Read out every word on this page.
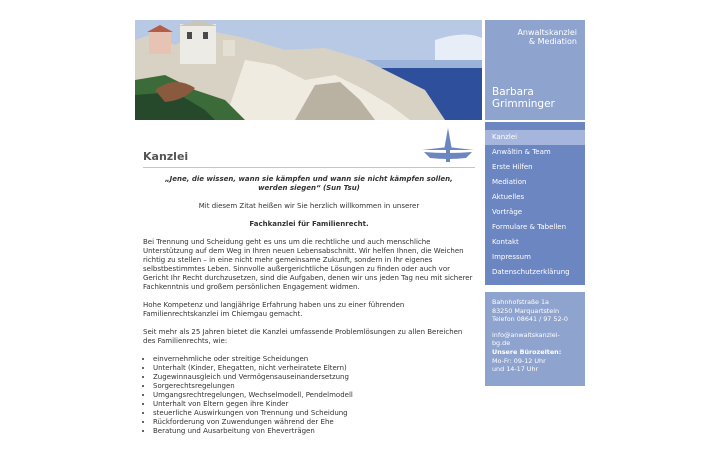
Anwaltskanzlei
& Mediation
Barbara
Grimminger
Kanzlei
Anwältin & Team
Erste Hilfen
Mediation
Aktuelles
Vorträge
Formulare & Tabellen
Kontakt
Impressum
Datenschutzerklärung
Bahnhofstraße 1a
83250 Marquartstein
Telefon 08641 / 97 52-0
info@anwaltskanzlei-
bg.de
Unsere Bürozeiten:
Mo-Fr: 09-12 Uhr
und 14-17 Uhr
Kanzlei

„Jene, die wissen, wann sie kämpfen und wann sie nicht kämpfen sollen,

werden siegen“ (Sun Tsu)

Mit diesem Zitat heißen wir Sie herzlich willkommen in unserer

Fachkanzlei für Familienrecht.

Bei Trennung und Scheidung geht es uns um die rechtliche und auch menschliche Unterstützung auf dem Weg in Ihren neuen Lebensabschnitt. Wir helfen Ihnen, die Weichen richtig zu stellen – in eine nicht mehr gemeinsame Zukunft, sondern in Ihr eigenes selbstbestimmtes Leben. Sinnvolle außergerichtliche Lösungen zu finden oder auch vor Gericht Ihr Recht durchzusetzen, sind die Aufgaben, denen wir uns jeden Tag neu mit sicherer Fachkenntnis und großem persönlichen Engagement widmen.

Hohe Kompetenz und langjährige Erfahrung haben uns zu einer führenden Familienrechtskanzlei im Chiemgau gemacht.

Seit mehr als 25 Jahren bietet die Kanzlei umfassende Problemlösungen zu allen Bereichen des Familienrechts, wie:

• einvernehmliche oder streitige Scheidungen
• Unterhalt (Kinder, Ehegatten, nicht verheiratete Eltern)
• Zugewinnausgleich und Vermögensauseinandersetzung
• Sorgerechtsregelungen
• Umgangsrechtregelungen, Wechselmodell, Pendelmodell
• Unterhalt von Eltern gegen ihre Kinder
• steuerliche Auswirkungen von Trennung und Scheidung
• Rückforderung von Zuwendungen während der Ehe
• Beratung und Ausarbeitung von Eheverträgen
